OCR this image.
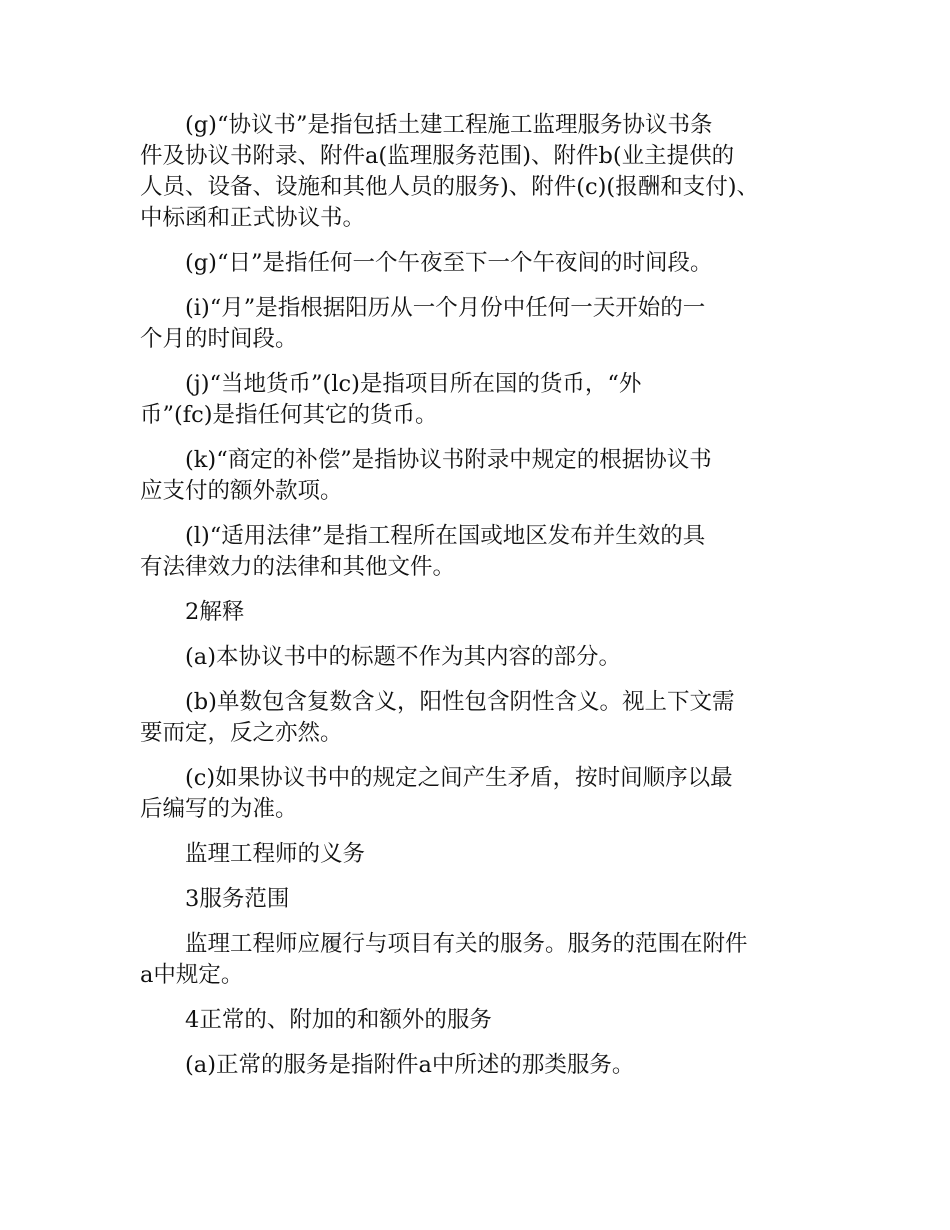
(g)“协议书”是指包括土建工程施工监理服务协议书条
件及协议书附录、附件a(监理服务范围)、附件b(业主提供的
人员、设备、设施和其他人员的服务)、附件(c)(报酬和支付)、
中标函和正式协议书。

(g)“日”是指任何一个午夜至下一个午夜间的时间段。

(i)“月”是指根据阳历从一个月份中任何一天开始的一
个月的时间段。

(j)“当地货币”(lc)是指项目所在国的货币，“外
币”(fc)是指任何其它的货币。

(k)“商定的补偿”是指协议书附录中规定的根据协议书
应支付的额外款项。

(l)“适用法律”是指工程所在国或地区发布并生效的具
有法律效力的法律和其他文件。

2解释

(a)本协议书中的标题不作为其内容的部分。

(b)单数包含复数含义，阳性包含阴性含义。视上下文需
要而定，反之亦然。

(c)如果协议书中的规定之间产生矛盾，按时间顺序以最
后编写的为准。

监理工程师的义务

3服务范围

监理工程师应履行与项目有关的服务。服务的范围在附件
a中规定。

4正常的、附加的和额外的服务

(a)正常的服务是指附件a中所述的那类服务。
